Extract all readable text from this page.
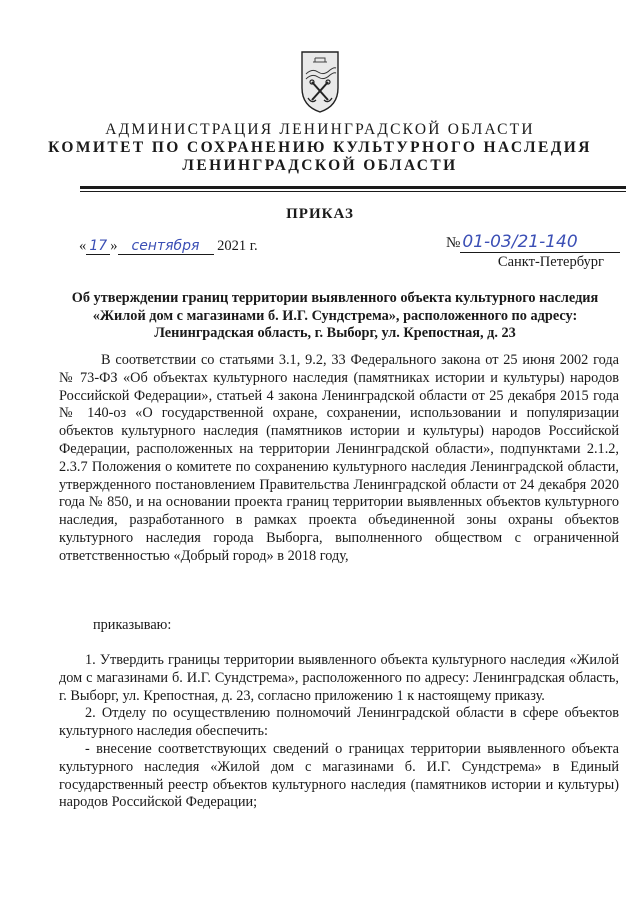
АДМИНИСТРАЦИЯ ЛЕНИНГРАДСКОЙ ОБЛАСТИ
КОМИТЕТ ПО СОХРАНЕНИЮ КУЛЬТУРНОГО НАСЛЕДИЯ
ЛЕНИНГРАДСКОЙ ОБЛАСТИ
ПРИКАЗ
« 17 » сентября 2021 г.	№ 01-03/21-140
Санкт-Петербург
Об утверждении границ территории выявленного объекта культурного наследия «Жилой дом с магазинами б. И.Г. Сундстрема», расположенного по адресу: Ленинградская область, г. Выборг, ул. Крепостная, д. 23
В соответствии со статьями 3.1, 9.2, 33 Федерального закона от 25 июня 2002 года № 73-ФЗ «Об объектах культурного наследия (памятниках истории и культуры) народов Российской Федерации», статьей 4 закона Ленинградской области от 25 декабря 2015 года № 140-оз «О государственной охране, сохранении, использовании и популяризации объектов культурного наследия (памятников истории и культуры) народов Российской Федерации, расположенных на территории Ленинградской области», подпунктами 2.1.2, 2.3.7 Положения о комитете по сохранению культурного наследия Ленинградской области, утвержденного постановлением Правительства Ленинградской области от 24 декабря 2020 года № 850, и на основании проекта границ территории выявленных объектов культурного наследия, разработанного в рамках проекта объединенной зоны охраны объектов культурного наследия города Выборга, выполненного обществом с ограниченной ответственностью «Добрый город» в 2018 году,
приказываю:
1. Утвердить границы территории выявленного объекта культурного наследия «Жилой дом с магазинами б. И.Г. Сундстрема», расположенного по адресу: Ленинградская область, г. Выборг, ул. Крепостная, д. 23, согласно приложению 1 к настоящему приказу.
2. Отделу по осуществлению полномочий Ленинградской области в сфере объектов культурного наследия обеспечить:
- внесение соответствующих сведений о границах территории выявленного объекта культурного наследия «Жилой дом с магазинами б. И.Г. Сундстрема» в Единый государственный реестр объектов культурного наследия (памятников истории и культуры) народов Российской Федерации;
